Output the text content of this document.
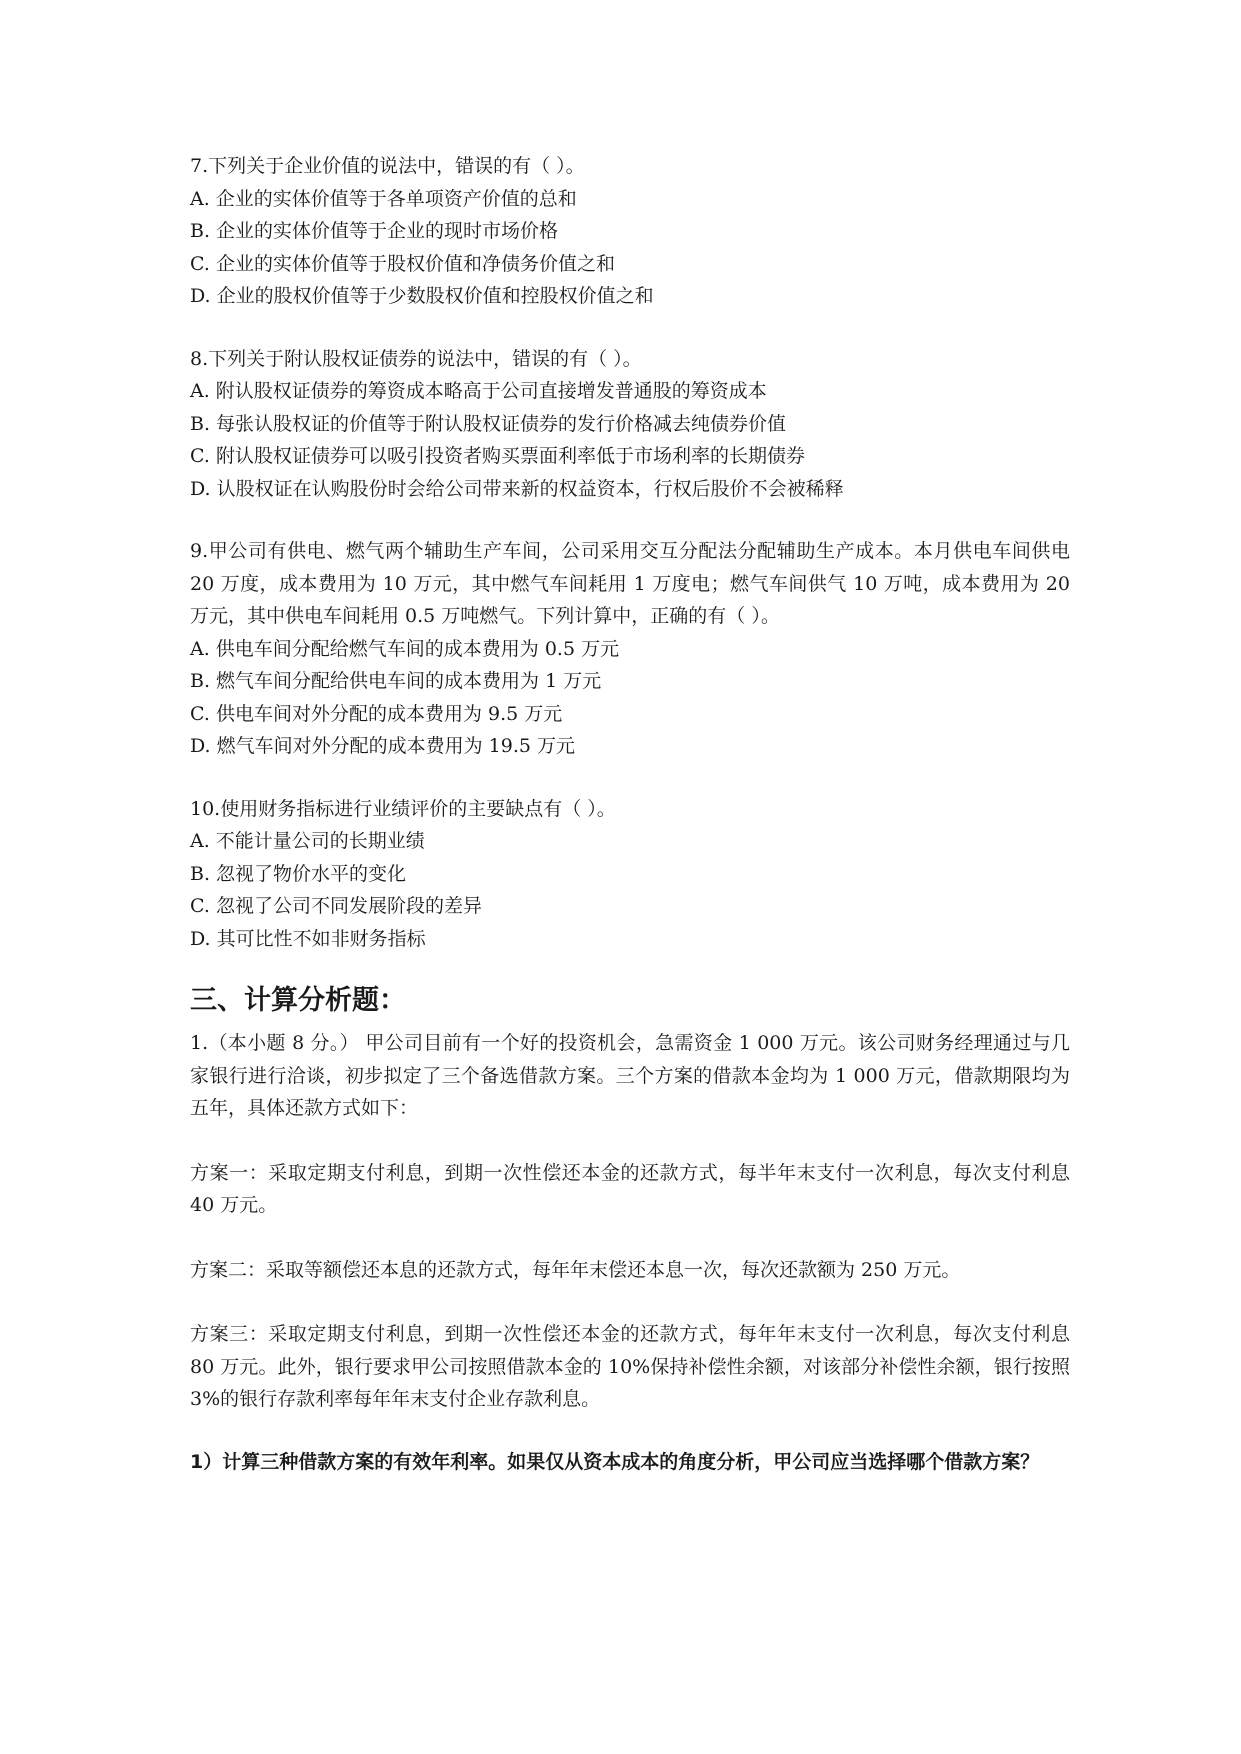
7.下列关于企业价值的说法中，错误的有（ ）。
A. 企业的实体价值等于各单项资产价值的总和
B. 企业的实体价值等于企业的现时市场价格
C. 企业的实体价值等于股权价值和净债务价值之和
D. 企业的股权价值等于少数股权价值和控股权价值之和
8.下列关于附认股权证债券的说法中，错误的有（ ）。
A. 附认股权证债券的筹资成本略高于公司直接增发普通股的筹资成本
B. 每张认股权证的价值等于附认股权证债券的发行价格减去纯债券价值
C. 附认股权证债券可以吸引投资者购买票面利率低于市场利率的长期债券
D. 认股权证在认购股份时会给公司带来新的权益资本，行权后股价不会被稀释
9.甲公司有供电、燃气两个辅助生产车间，公司采用交互分配法分配辅助生产成本。本月供电车间供电 20 万度，成本费用为 10 万元，其中燃气车间耗用 1 万度电；燃气车间供气 10 万吨，成本费用为 20 万元，其中供电车间耗用 0.5 万吨燃气。下列计算中，正确的有（ ）。
A. 供电车间分配给燃气车间的成本费用为 0.5 万元
B. 燃气车间分配给供电车间的成本费用为 1 万元
C. 供电车间对外分配的成本费用为 9.5 万元
D. 燃气车间对外分配的成本费用为 19.5 万元
10.使用财务指标进行业绩评价的主要缺点有（ ）。
A. 不能计量公司的长期业绩
B. 忽视了物价水平的变化
C. 忽视了公司不同发展阶段的差异
D. 其可比性不如非财务指标
三、计算分析题：
1.（本小题 8 分。） 甲公司目前有一个好的投资机会，急需资金 1 000 万元。该公司财务经理通过与几家银行进行洽谈，初步拟定了三个备选借款方案。三个方案的借款本金均为 1 000 万元，借款期限均为五年，具体还款方式如下：
方案一：采取定期支付利息，到期一次性偿还本金的还款方式，每半年末支付一次利息，每次支付利息 40 万元。
方案二：采取等额偿还本息的还款方式，每年年末偿还本息一次，每次还款额为 250 万元。
方案三：采取定期支付利息，到期一次性偿还本金的还款方式，每年年末支付一次利息，每次支付利息 80 万元。此外，银行要求甲公司按照借款本金的 10%保持补偿性余额，对该部分补偿性余额，银行按照 3%的银行存款利率每年年末支付企业存款利息。
1）计算三种借款方案的有效年利率。如果仅从资本成本的角度分析，甲公司应当选择哪个借款方案？
